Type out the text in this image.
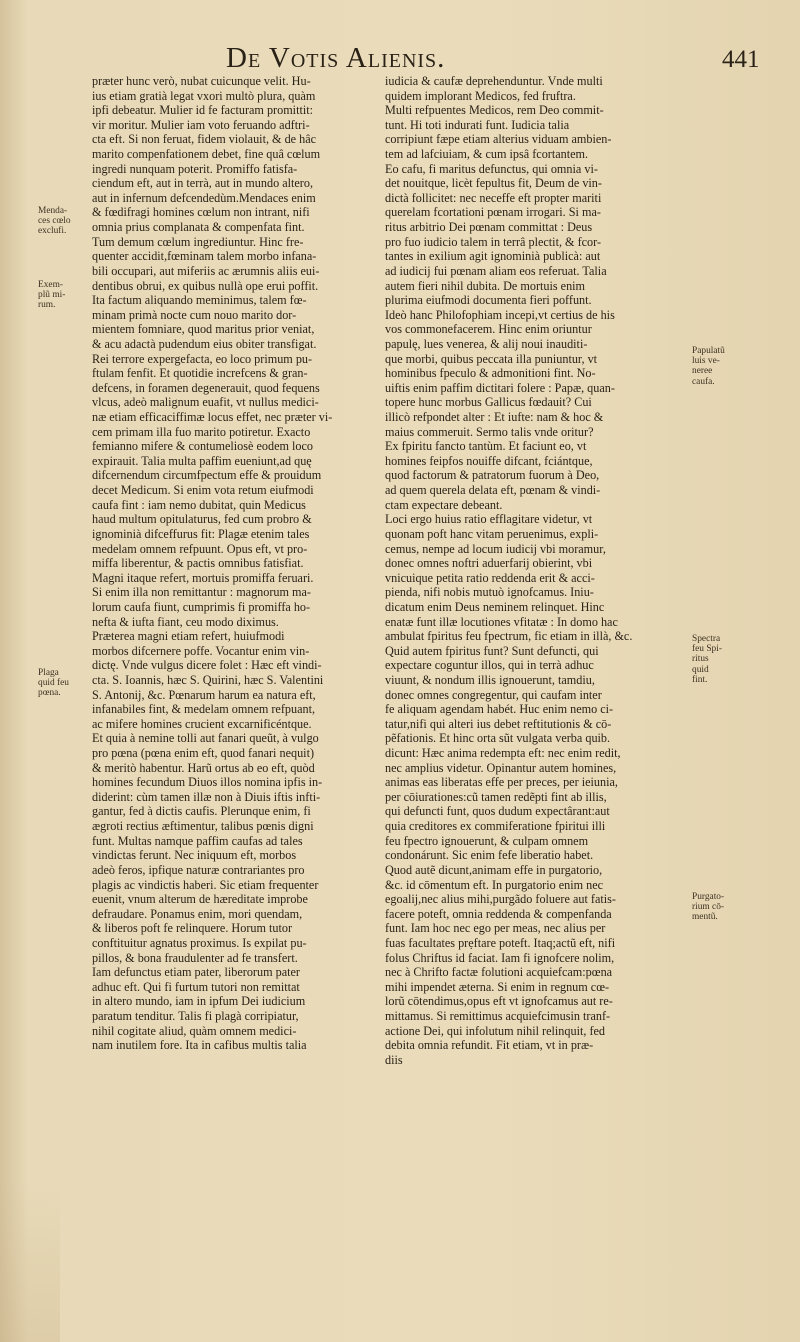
De Votis Alienis.	441
præter hunc verò, nubat cuicunque velit. Hu-
ius etiam gratià legat vxori multò plura, quàm
ipfi debeatur. Mulier id fe facturam promittit:
vir moritur. Mulier iam voto feruando adftri-
cta eft. Si non feruat, fidem violauit, & de hâc
marito compenfationem debet, fine quâ cœlum
ingredi nunquam poterit. Promiffo fatisfa-
ciendum eft, aut in terrà, aut in mundo altero,
aut in infernum defcendedùm.Mendaces enim
& fœdifragi homines cœlum non intrant, nifi
omnia prius complanata & compenfata fint.
Tum demum cœlum ingrediuntur. Hinc fre-
quenter accidit,fœminam talem morbo infana-
bili occupari, aut miferiis ac ærumnis aliis eui-
dentibus obrui, ex quibus nullà ope erui poffit.
Ita factum aliquando meminimus, talem fœ-
minam primà nocte cum nouo marito dor-
mientem fomniare, quod maritus prior veniat,
& acu adactà pudendum eius obiter transfigat.
Rei terrore expergefacta, eo loco primum pu-
ftulam fenfit. Et quotidie increfcens & gran-
defcens, in foramen degenerauit, quod fequens
vlcus, adeò malignum euafit, vt nullus medici-
næ etiam efficaciffimæ locus effet, nec præter vi-
cem primam illa fuo marito potiretur. Exacto
femianno mifere & contumeliosè eodem loco
expirauit. Talia multa paffim eueniunt,ad quę
difcernendum circumfpectum effe & prouidum
decet Medicum. Si enim vota retum eiufmodi
caufa fint : iam nemo dubitat, quin Medicus
haud multum opitulaturus, fed cum probro &
ignominià difceffurus fit: Plagæ etenim tales
medelam omnem refpuunt. Opus eft, vt pro-
miffa liberentur, & pactis omnibus fatisfiat.
Magni itaque refert, mortuis promiffa feruari.
Si enim illa non remittantur : magnorum ma-
lorum caufa fiunt, cumprimis fi promiffa ho-
nefta & iufta fiant, ceu modo diximus.
Præterea magni etiam refert, huiufmodi
morbos difcernere poffe. Vocantur enim vin-
dictę. Vnde vulgus dicere folet : Hæc eft vindi-
cta. S. Ioannis, hæc S. Quirini, hæc S. Valentini
S. Antonij, &c. Pœnarum harum ea natura eft,
infanabiles fint, & medelam omnem refpuant,
ac mifere homines crucient excarnificéntque.
Et quia à nemine tolli aut fanari queũt, à vulgo
pro pœna (pœna enim eft, quod fanari nequit)
& meritò habentur. Harũ ortus ab eo eft, quòd
homines fecundum Diuos illos nomina ipfis in-
diderint: cùm tamen illæ non à Diuis iftis infti-
gantur, fed à dictis caufis. Plerunque enim, fi
ægroti rectius æftimentur, talibus pœnis digni
funt. Multas namque paffim caufas ad tales
vindictas ferunt. Nec iniquum eft, morbos
adeò feros, ipfique naturæ contrariantes pro
plagis ac vindictis haberi. Sic etiam frequenter
euenit, vnum alterum de hæreditate improbe
defraudare. Ponamus enim, mori quendam,
& liberos poft fe relinquere. Horum tutor
conftituitur agnatus proximus. Is expilat pu-
pillos, & bona fraudulenter ad fe transfert.
Iam defunctus etiam pater, liberorum pater
adhuc eft. Qui fi furtum tutori non remittat
in altero mundo, iam in ipfum Dei iudicium
paratum tenditur. Talis fi plagà corripiatur,
nihil cogitate aliud, quàm omnem medici-
nam inutilem fore. Ita in cafibus multis talia
iudicia & caufæ deprehenduntur. Vnde multi
quidem implorant Medicos, fed fruftra.
Multi refpuentes Medicos, rem Deo commit-
tunt. Hi toti indurati funt. Iudicia talia
corripiunt fæpe etiam alterius viduam ambien-
tem ad lafciuiam, & cum ipsâ fcortantem.
Eo cafu, fi maritus defunctus, qui omnia vi-
det nouitque, licèt fepultus fit, Deum de vin-
dictà follicitet: nec neceffe eft propter mariti
querelam fcortationi pœnam irrogari. Si ma-
ritus arbitrio Dei pœnam committat : Deus
pro fuo iudicio talem in terrâ plectit, & fcor-
tantes in exilium agit ignominià publicà: aut
ad iudicij fui pœnam aliam eos referuat. Talia
autem fieri nihil dubita. De mortuis enim
plurima eiufmodi documenta fieri poffunt.
Ideò hanc Philofophiam incepi,vt certius de his
vos commonefacerem. Hinc enim oriuntur
papulę, lues venerea, & alij noui inauditi-
que morbi, quibus peccata illa puniuntur, vt
hominibus fpeculo & admonitioni fint. No-
uiftis enim paffim dictitari folere : Papæ, quan-
topere hunc morbus Gallicus fœdauit? Cui
illicò refpondet alter : Et iufte: nam & hoc &
maius commeruit. Sermo talis vnde oritur?
Ex fpiritu fancto tantùm. Et faciunt eo, vt
homines feipfos nouiffe difcant, fciántque,
quod factorum & patratorum fuorum à Deo,
ad quem querela delata eft, pœnam & vindi-
ctam expectare debeant.
Loci ergo huius ratio efflagitare videtur, vt
quonam poft hanc vitam peruenimus, expli-
cemus, nempe ad locum iudicij vbi moramur,
donec omnes noftri aduerfarij obierint, vbi
vnicuique petita ratio reddenda erit & acci-
pienda, nifi nobis mutuò ignofcamus. Iniu-
dicatum enim Deus neminem relinquet. Hinc
enatæ funt illæ locutiones vfitatæ : In domo hac
ambulat fpiritus feu fpectrum, fic etiam in illà, &c.
Quid autem fpiritus funt? Sunt defuncti, qui
expectare coguntur illos, qui in terrà adhuc
viuunt, & nondum illis ignouerunt, tamdiu,
donec omnes congregentur, qui caufam inter
fe aliquam agendam habét. Huc enim nemo ci-
tatur,nifi qui alteri ius debet reftitutionis & cō-
pẽfationis. Et hinc orta sũt vulgata verba quib.
dicunt: Hæc anima redempta eft: nec enim redit,
nec amplius videtur. Opinantur autem homines,
animas eas liberatas effe per preces, per ieiunia,
per cōiurationes:cũ tamen redẽpti fint ab illis,
qui defuncti funt, quos dudum expectârant:aut
quia creditores ex commiferatione fpiritui illi
feu fpectro ignouerunt, & culpam omnem
condonárunt. Sic enim fefe liberatio habet.
Quod autẽ dicunt,animam effe in purgatorio,
&c. id cōmentum eft. In purgatorio enim nec
egoalij,nec alius mihi,purgãdo foluere aut fatis-
facere poteft, omnia reddenda & compenfanda
funt. Iam hoc nec ego per meas, nec alius per
fuas facultates prẹftare poteft. Itaq;actũ eft, nifi
folus Chriftus id faciat. Iam fi ignofcere nolim,
nec à Chrifto factæ folutioni acquiefcam:pœna
mihi impendet æterna. Si enim in regnum cœ-
lorũ cōtendimus,opus eft vt ignofcamus aut re-
mittamus. Si remittimus acquiefcimusin tranf-
actione Dei, qui infolutum nihil relinquit, fed
debita omnia refundit. Fit etiam, vt in præ-
diis
Menda-
ces cœlo
exclufi.
Exem-
plũ mi-
rum.
Plaga
quid feu
pœna.
Papulatũ
luis ve-
neree
caufa.
Spectra
feu Spi-
ritus
quid
fint.
Purgato-
rium cō-
mentũ.
